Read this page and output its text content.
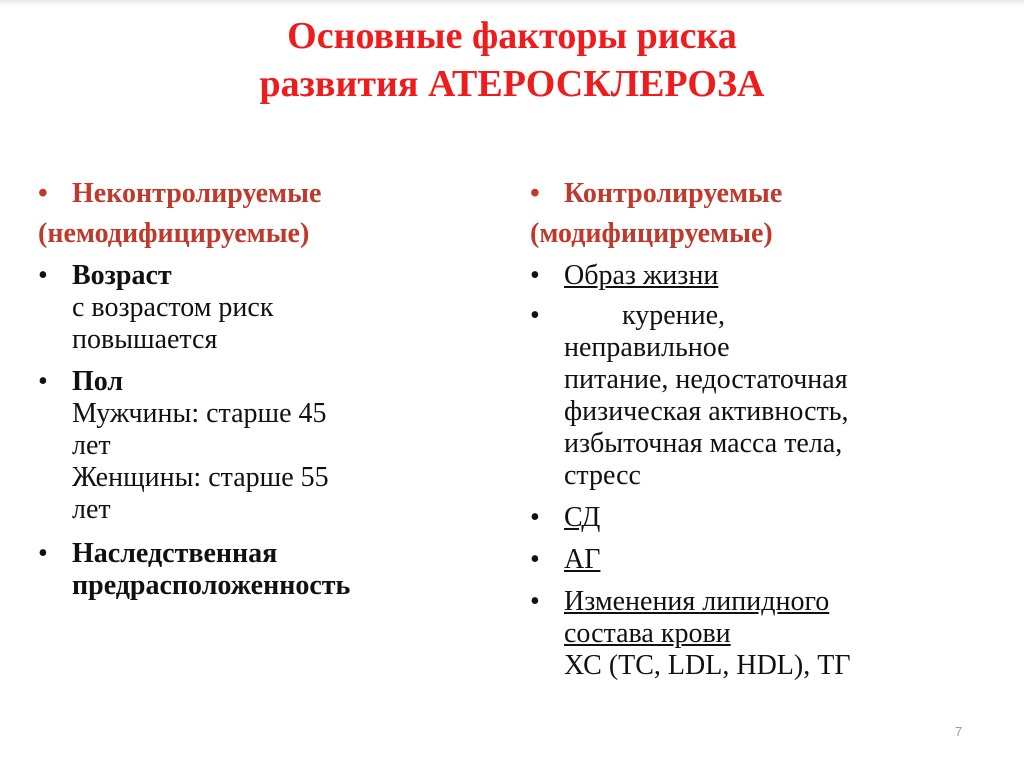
Основные факторы риска
развития АТЕРОСКЛЕРОЗА
• Неконтролируемые
(немодифицируемые)
• Возраст
с возрастом риск
повышается
• Пол
Мужчины: старше 45
лет
Женщины: старше 55
лет
• Наследственная
предрасположенность
• Контролируемые
(модифицируемые)
• Образ жизни
•	курение,
неправильное
питание, недостаточная
физическая активность,
избыточная масса тела,
стресс
• СД
• АГ
• Изменения липидного
состава крови
ХС (ТС, LDL, HDL), ТГ
7
